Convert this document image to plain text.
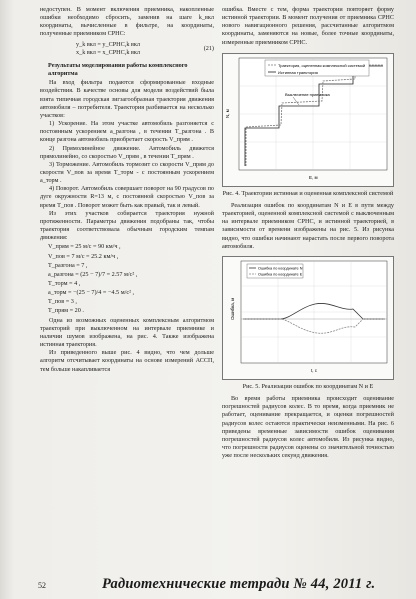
недоступен. В момент включения приемника, накопленные ошибки необходимо сбросить, заменив на шаге k_вкл координаты, вычисленные в фильтре, на координаты, полученные приемником СРНС:

y_k вкл = y_СРНС,k вкл
x_k вкл = x_СРНС,k вкл
(21)
Результаты моделирования работы комплексного алгоритма

На вход фильтра подаются сформированные входные воздействия. В качестве основы для модели воздействий была взята типичная городская зигзагообразная траектория движения автомобиля – потребителя. Траектория разбивается на несколько участков:

1) Ускорение. На этом участке автомобиль разгоняется с постоянным ускорением a_разгона , в течении T_разгона . В конце разгона автомобиль приобретает скорость V_прям .

2) Прямолинейное движение. Автомобиль движется прямолинейно, со скоростью V_прям , в течении T_прям .

3) Торможение. Автомобиль тормозит со скорости V_прям до скорости V_пов за время T_торм - с постоянным ускорением a_торм .

4) Поворот. Автомобиль совершает поворот на 90 градусов по дуге окружности R=13 м, с постоянной скоростью V_пов за время T_пов . Поворот может быть как правый, так и левый.

Из этих участков собирается траектория нужной протяженности. Параметры движения подобраны так, чтобы траектория соответствовала обычным городским темпам движения:

V_прям = 25 м/с = 90 км/ч ,
V_пов = 7 м/с = 25.2 км/ч ,
T_разгона = 7 ,
a_разгона = (25 − 7)/7 = 2.57 м/с² ,
T_торм = 4 ,
a_торм = −(25 − 7)/4 = −4.5 м/с² ,
T_пов = 3 ,
T_прям = 20 .

Одна из возможных оцененных комплексным алгоритмом траекторий при выключенном на интервале приемнике и наличии шумов изображена, на рис. 4. Также изображена истинная траектория.

Из приведенного выше рис. 4 видно, что чем дольше алгоритм отсчитывает координаты на основе измерений АССП, тем больше накапливается

ошибка. Вместе с тем, форма траектории повторяет форму истинной траектории. В момент получения от приемника СРНС нового навигационного решения, рассчитанные алгоритмом координаты, заменяются на новые, более точные координаты, измеренные приемником СРНС.

Траектория, оцененная комплексной системой
Истинная траектория
Выключение приемника
E, м
N, м
Рис. 4. Траектории истинная и оцененная комплексной системой

Реализация ошибок по координатам N и E в пути между траекторией, оцененной комплексной системой с выключенным на интервале приемником СРНС, и истинной траекторией, в зависимости от времени изображены на рис. 5. Из рисунка видно, что ошибки начинают нарастать после первого поворота автомобиля.

Ошибка по координате N
Ошибка по координате E
t, с
Ошибка, м
Рис. 5. Реализации ошибок по координатам N и E

Во время работы приемника происходит оценивание погрешностей радиусов колес. В то время, когда приемник не работает, оценивание прекращается, и оценки погрешностей радиусов колес остаются практически неизменными. На рис. 6 приведены временные зависимости ошибок оценивания погрешностей радиусов колес автомобиля. Из рисунка видно, что погрешности радиусов оценены со значительной точностью уже после нескольких секунд движения.

52	Радиотехнические тетради № 44, 2011 г.
